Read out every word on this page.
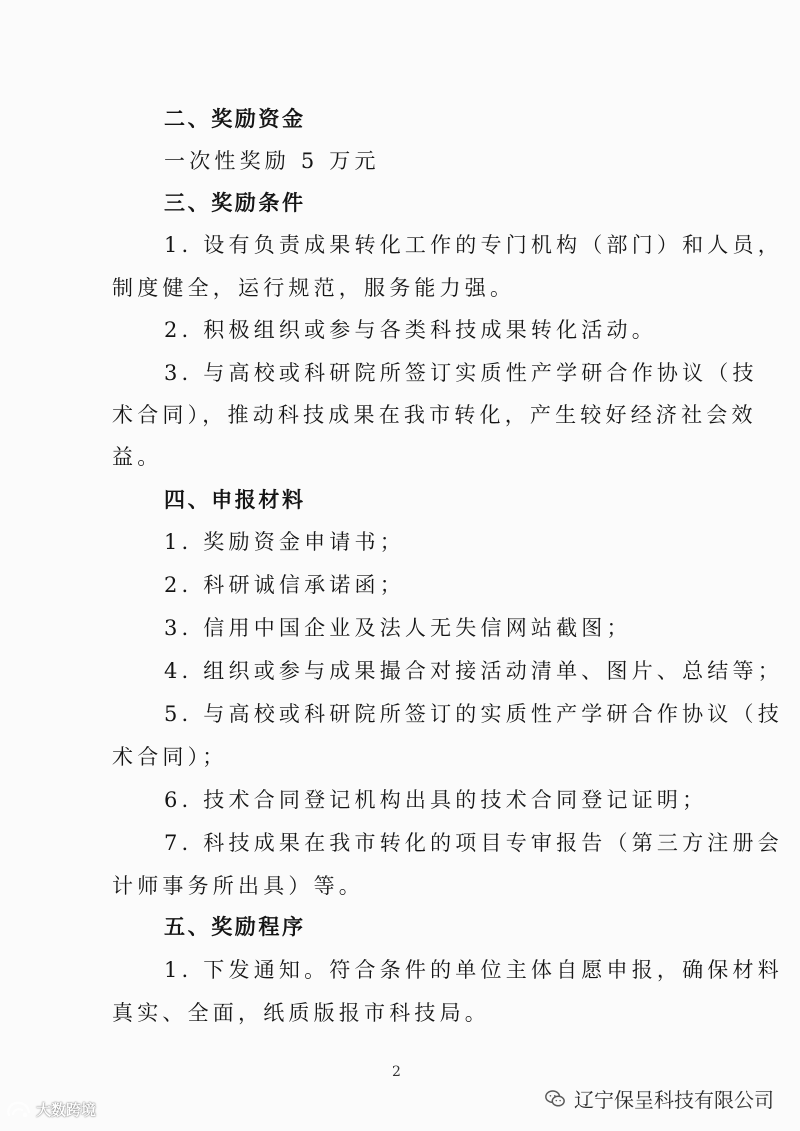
二、奖励资金
一次性奖励 5 万元
三、奖励条件
1. 设有负责成果转化工作的专门机构（部门）和人员，
制度健全，运行规范，服务能力强。
2. 积极组织或参与各类科技成果转化活动。
3. 与高校或科研院所签订实质性产学研合作协议（技
术合同），推动科技成果在我市转化，产生较好经济社会效
益。
四、申报材料
1. 奖励资金申请书；
2. 科研诚信承诺函；
3. 信用中国企业及法人无失信网站截图；
4. 组织或参与成果撮合对接活动清单、图片、总结等；
5. 与高校或科研院所签订的实质性产学研合作协议（技
术合同）；
6. 技术合同登记机构出具的技术合同登记证明；
7. 科技成果在我市转化的项目专审报告（第三方注册会
计师事务所出具）等。
五、奖励程序
1. 下发通知。符合条件的单位主体自愿申报，确保材料
真实、全面，纸质版报市科技局。
2
大数跨境	辽宁保呈科技有限公司
